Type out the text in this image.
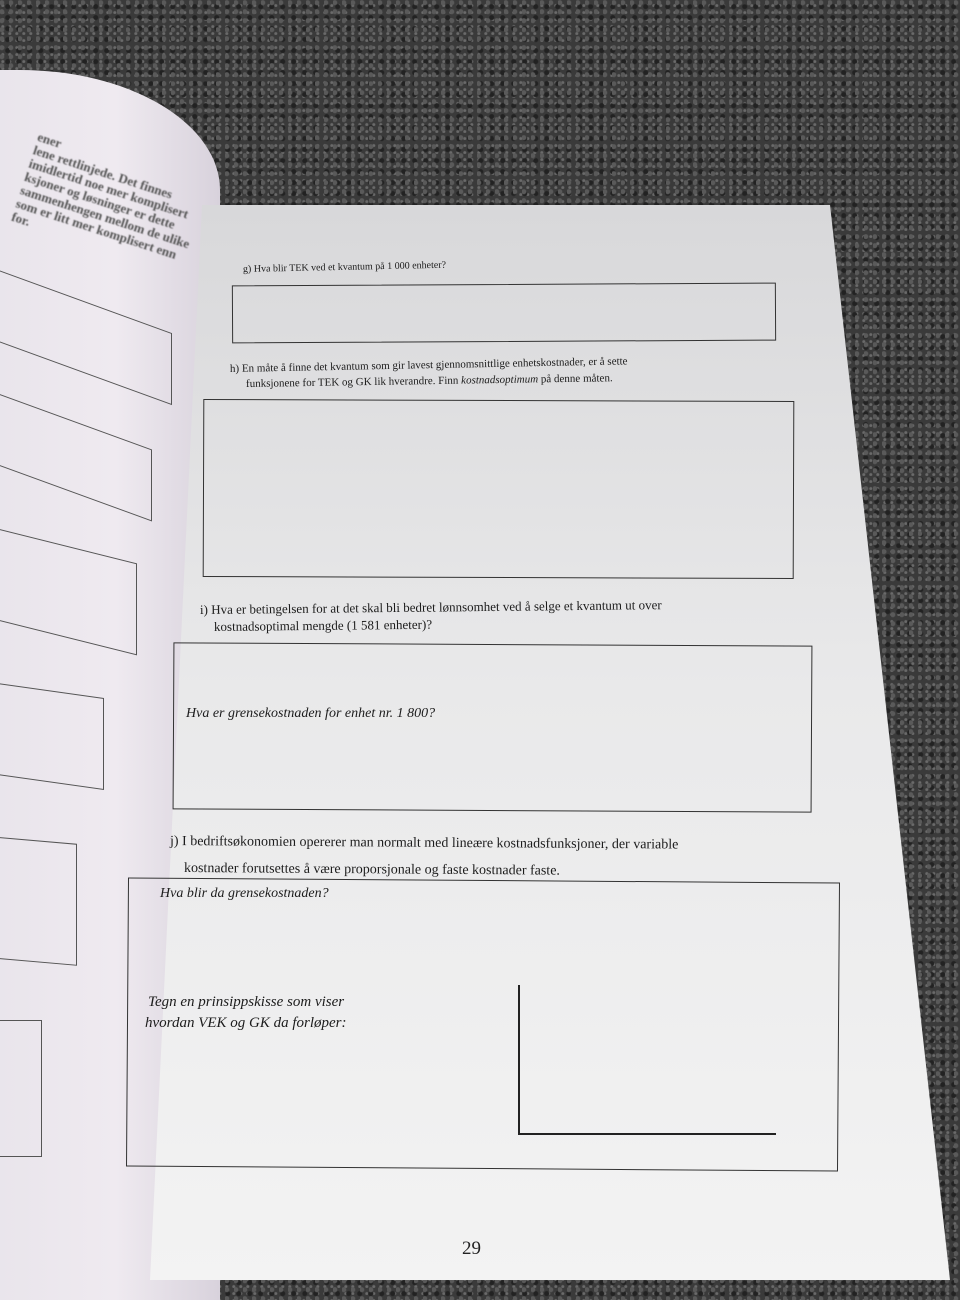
ener
lene rettlinjede. Det finnes
imidlertid noe mer komplisert
ksjoner og løsninger er dette
sammenhengen mellom de ulike
som er litt mer komplisert enn
for.
g) Hva blir TEK ved et kvantum på 1 000 enheter?
h) En måte å finne det kvantum som gir lavest gjennomsnittlige enhetskostnader, er å sette
funksjonene for TEK og GK lik hverandre. Finn kostnadsoptimum på denne måten.
i) Hva er betingelsen for at det skal bli bedret lønnsomhet ved å selge et kvantum ut over
kostnadsoptimal mengde (1 581 enheter)?
Hva er grensekostnaden for enhet nr. 1 800?
j) I bedriftsøkonomien opererer man normalt med lineære kostnadsfunksjoner, der variable
kostnader forutsettes å være proporsjonale og faste kostnader faste.
Hva blir da grensekostnaden?
Tegn en prinsippskisse som viser
hvordan VEK og GK da forløper:
29
